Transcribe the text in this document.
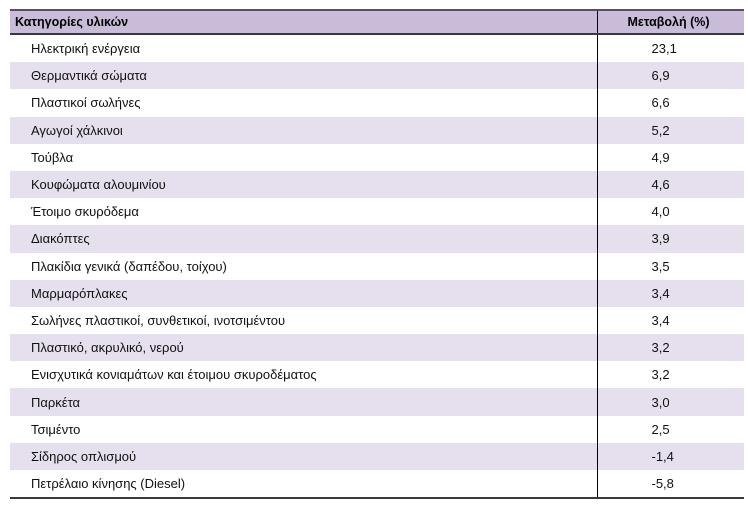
Κατηγορίες υλικών	Μεταβολή (%)
Ηλεκτρική ενέργεια	23,1
Θερμαντικά σώματα	6,9
Πλαστικοί σωλήνες	6,6
Αγωγοί χάλκινοι	5,2
Τούβλα	4,9
Κουφώματα αλουμινίου	4,6
Έτοιμο σκυρόδεμα	4,0
Διακόπτες	3,9
Πλακίδια γενικά (δαπέδου, τοίχου)	3,5
Μαρμαρόπλακες	3,4
Σωλήνες πλαστικοί, συνθετικοί, ινοτσιμέντου	3,4
Πλαστικό, ακρυλικό, νερού	3,2
Ενισχυτικά κονιαμάτων και έτοιμου σκυροδέματος	3,2
Παρκέτα	3,0
Τσιμέντο	2,5
Σίδηρος οπλισμού	-1,4
Πετρέλαιο κίνησης (Diesel)	-5,8
